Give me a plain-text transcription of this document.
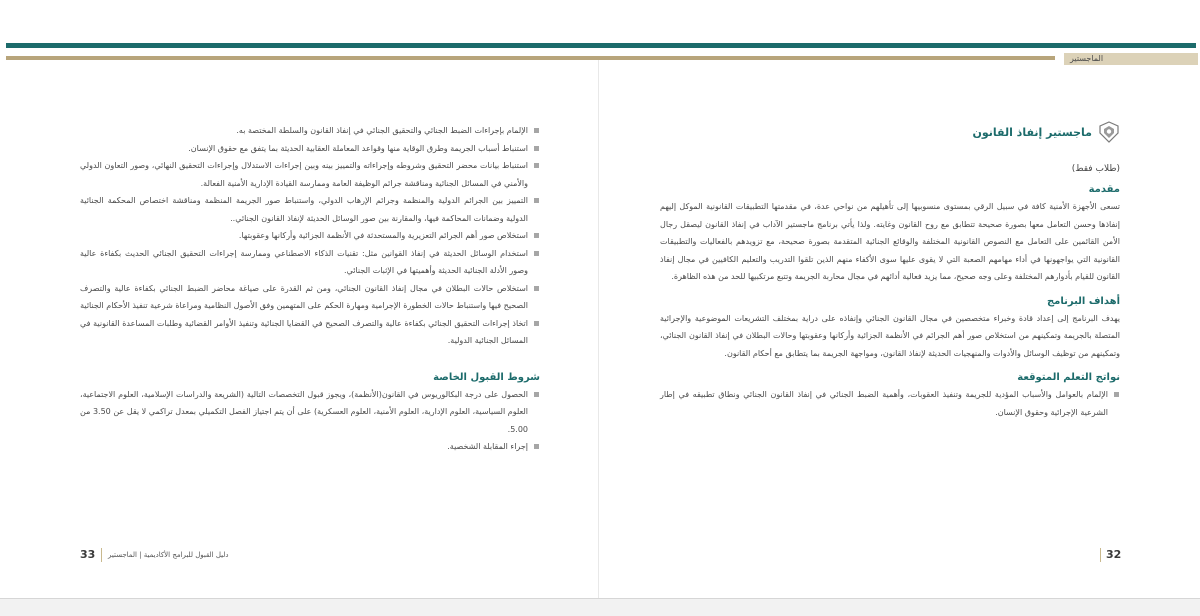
الماجستير
ماجستير إنفاذ القانون
(طلاب فقط)
مقدمة

تسعى الأجهزة الأمنية كافة في سبيل الرقي بمستوى منسوبيها إلى تأهيلهم من نواحي عدة، في مقدمتها التطبيقات القانونية الموكل إليهم إنفاذها وحسن التعامل معها بصورة صحيحة تتطابق مع روح القانون وغايته. ولذا يأتي برنامج ماجستير الآداب في إنفاذ القانون ليصقل رجال الأمن القائمين على التعامل مع النصوص القانونية المختلفة والوقائع الجنائية المتقدمة بصورة صحيحة، مع تزويدهم بالفعاليات والتطبيقات القانونية التي يواجهونها في أداء مهامهم الصعبة التي لا يقوى عليها سوى الأكفاء منهم الذين تلقوا التدريب والتعليم الكافيين في مجال إنفاذ القانون للقيام بأدوارهم المختلفة وعلى وجه صحيح، مما يزيد فعالية أدائهم في مجال محاربة الجريمة وتتبع مرتكبيها للحد من هذه الظاهرة.

أهداف البرنامج

يهدف البرنامج إلى إعداد قادة وخبراء متخصصين في مجال القانون الجنائي وإنفاذه على دراية بمختلف التشريعات الموضوعية والإجرائية المتصلة بالجريمة وتمكينهم من استخلاص صور أهم الجرائم في الأنظمة الجزائية وأركانها وعقوبتها وحالات البطلان في إنفاذ القانون الجنائي، وتمكينهم من توظيف الوسائل والأدوات والمنهجيات الحديثة لإنفاذ القانون، ومواجهة الجريمة بما يتطابق مع أحكام القانون.

نواتج التعلم المتوقعة
الإلمام بالعوامل والأسباب المؤدية للجريمة وتنفيذ العقوبات، وأهمية الضبط الجنائي في إنفاذ القانون الجنائي ونطاق تطبيقه في إطار الشرعية الإجرائية وحقوق الإنسان.
الإلمام بإجراءات الضبط الجنائي والتحقيق الجنائي في إنفاذ القانون والسلطة المختصة به.
استنباط أسباب الجريمة وطرق الوقاية منها وقواعد المعاملة العقابية الحديثة بما يتفق مع حقوق الإنسان.
استنباط بيانات محضر التحقيق وشروطه وإجراءاته والتمييز بينه وبين إجراءات الاستدلال وإجراءات التحقيق النهائي، وصور التعاون الدولي والأمني في المسائل الجنائية ومناقشة جرائم الوظيفة العامة وممارسة القيادة الإدارية الأمنية الفعالة.
التمييز بين الجرائم الدولية والمنظمة وجرائم الإرهاب الدولي، واستنباط صور الجريمة المنظمة ومناقشة اختصاص المحكمة الجنائية الدولية وضمانات المحاكمة فيها، والمقارنة بين صور الوسائل الحديثة لإنفاذ القانون الجنائي..
استخلاص صور أهم الجرائم التعزيرية والمستحدثة في الأنظمة الجزائية وأركانها وعقوبتها.
استخدام الوسائل الحديثة في إنفاذ القوانين مثل: تقنيات الذكاء الاصطناعي وممارسة إجراءات التحقيق الجنائي الحديث بكفاءة عالية وصور الأدلة الجنائية الحديثة وأهميتها في الإثبات الجنائي.
استخلاص حالات البطلان في مجال إنفاذ القانون الجنائي، ومن ثم القدرة على صياغة محاضر الضبط الجنائي بكفاءة عالية والتصرف الصحيح فيها واستنباط حالات الخطورة الإجرامية ومهارة الحكم على المتهمين وفق الأصول النظامية ومراعاة شرعية تنفيذ الأحكام الجنائية
اتخاذ إجراءات التحقيق الجنائي بكفاءة عالية والتصرف الصحيح في القضايا الجنائية وتنفيذ الأوامر القضائية وطلبات المساعدة القانونية في المسائل الجنائية الدولية.
شروط القبول الخاصة
الحصول على درجة البكالوريوس في القانون(الأنظمة)، ويجوز قبول التخصصات التالية (الشريعة والدراسات الإسلامية، العلوم الاجتماعية، العلوم السياسية، العلوم الإدارية، العلوم الأمنية، العلوم العسكرية) على أن يتم اجتياز الفصل التكميلي بمعدل تراكمي لا يقل عن 3.50 من 5.00.
إجراء المقابلة الشخصية.
33 دليل القبول للبرامج الأكاديمية | الماجستير	32
